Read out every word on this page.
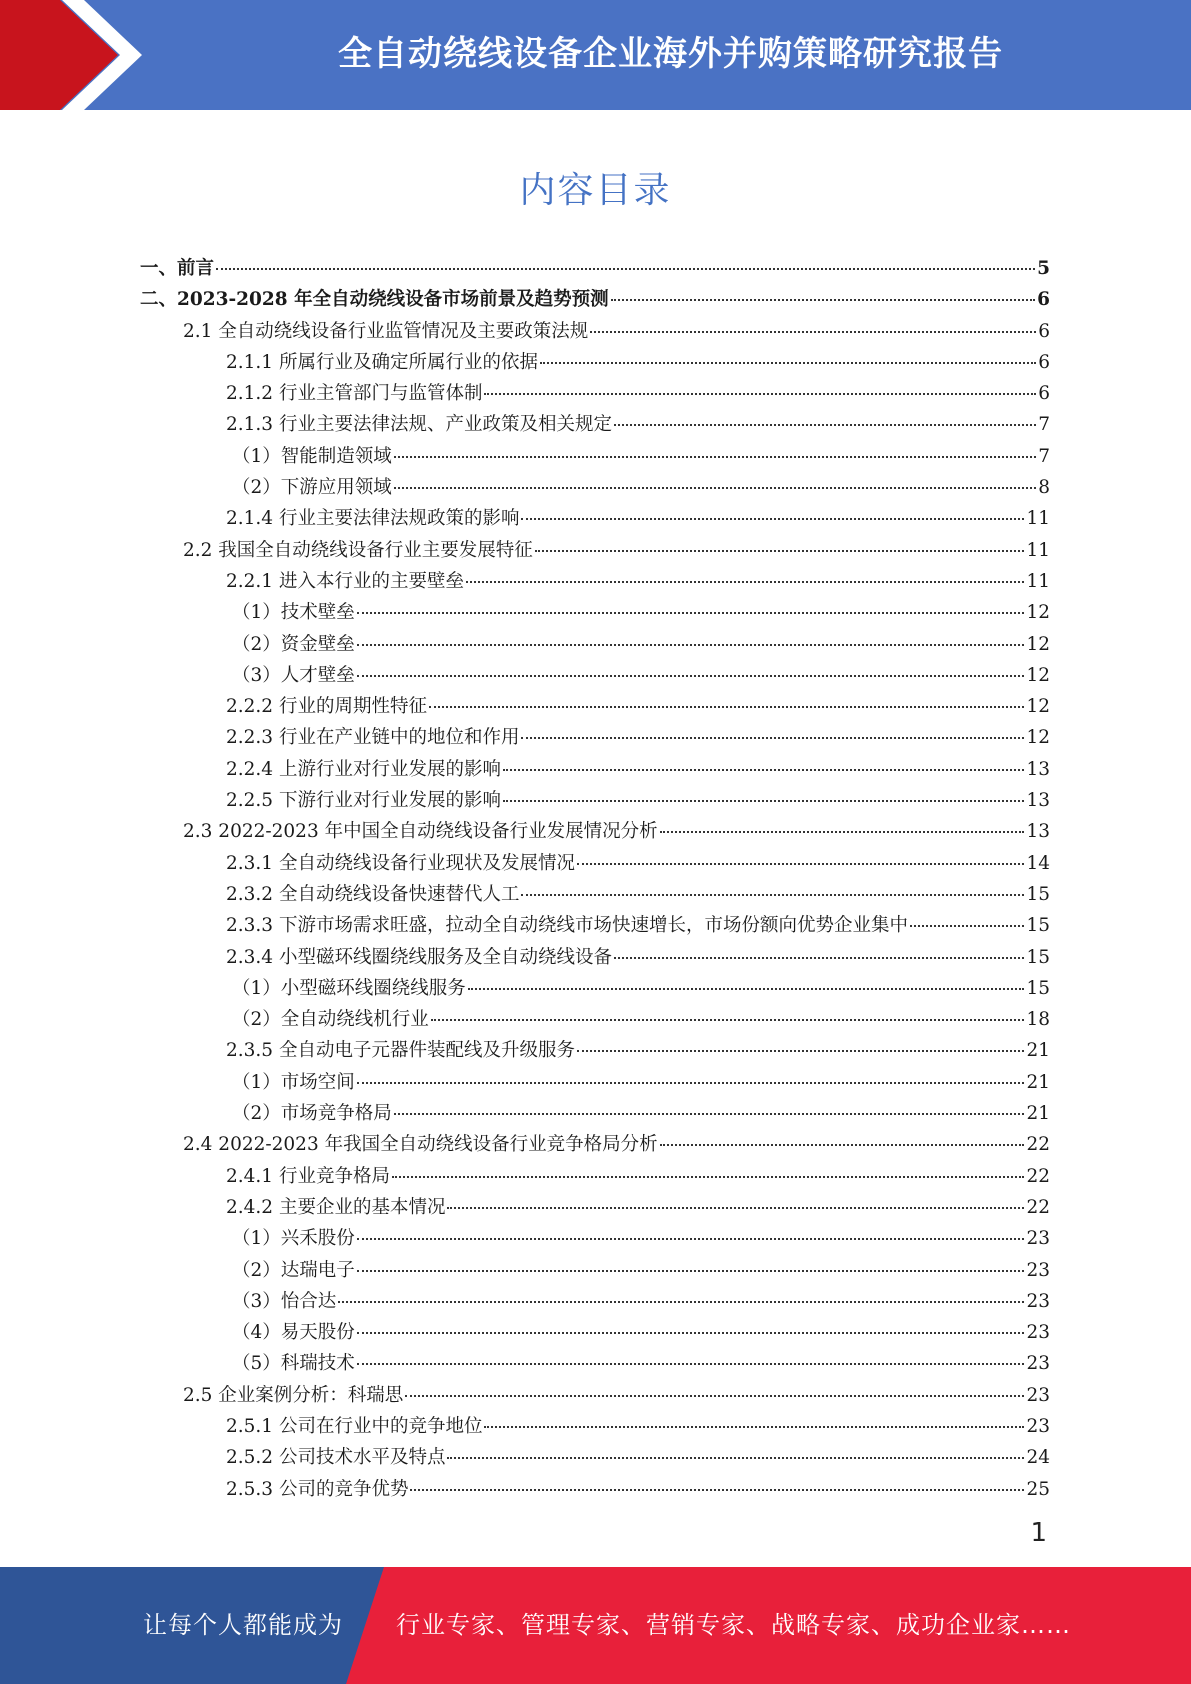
全自动绕线设备企业海外并购策略研究报告
内容目录
一、前言	5
二、2023-2028 年全自动绕线设备市场前景及趋势预测	6
2.1 全自动绕线设备行业监管情况及主要政策法规	6
2.1.1 所属行业及确定所属行业的依据	6
2.1.2 行业主管部门与监管体制	6
2.1.3 行业主要法律法规、产业政策及相关规定	7
（1）智能制造领域	7
（2）下游应用领域	8
2.1.4 行业主要法律法规政策的影响	11
2.2 我国全自动绕线设备行业主要发展特征	11
2.2.1 进入本行业的主要壁垒	11
（1）技术壁垒	12
（2）资金壁垒	12
（3）人才壁垒	12
2.2.2 行业的周期性特征	12
2.2.3 行业在产业链中的地位和作用	12
2.2.4 上游行业对行业发展的影响	13
2.2.5 下游行业对行业发展的影响	13
2.3 2022-2023 年中国全自动绕线设备行业发展情况分析	13
2.3.1 全自动绕线设备行业现状及发展情况	14
2.3.2 全自动绕线设备快速替代人工	15
2.3.3 下游市场需求旺盛，拉动全自动绕线市场快速增长，市场份额向优势企业集中	15
2.3.4 小型磁环线圈绕线服务及全自动绕线设备	15
（1）小型磁环线圈绕线服务	15
（2）全自动绕线机行业	18
2.3.5 全自动电子元器件装配线及升级服务	21
（1）市场空间	21
（2）市场竞争格局	21
2.4 2022-2023 年我国全自动绕线设备行业竞争格局分析	22
2.4.1 行业竞争格局	22
2.4.2 主要企业的基本情况	22
（1）兴禾股份	23
（2）达瑞电子	23
（3）怡合达	23
（4）易天股份	23
（5）科瑞技术	23
2.5 企业案例分析：科瑞思	23
2.5.1 公司在行业中的竞争地位	23
2.5.2 公司技术水平及特点	24
2.5.3 公司的竞争优势	25
1
让每个人都能成为 行业专家、管理专家、营销专家、战略专家、成功企业家……
